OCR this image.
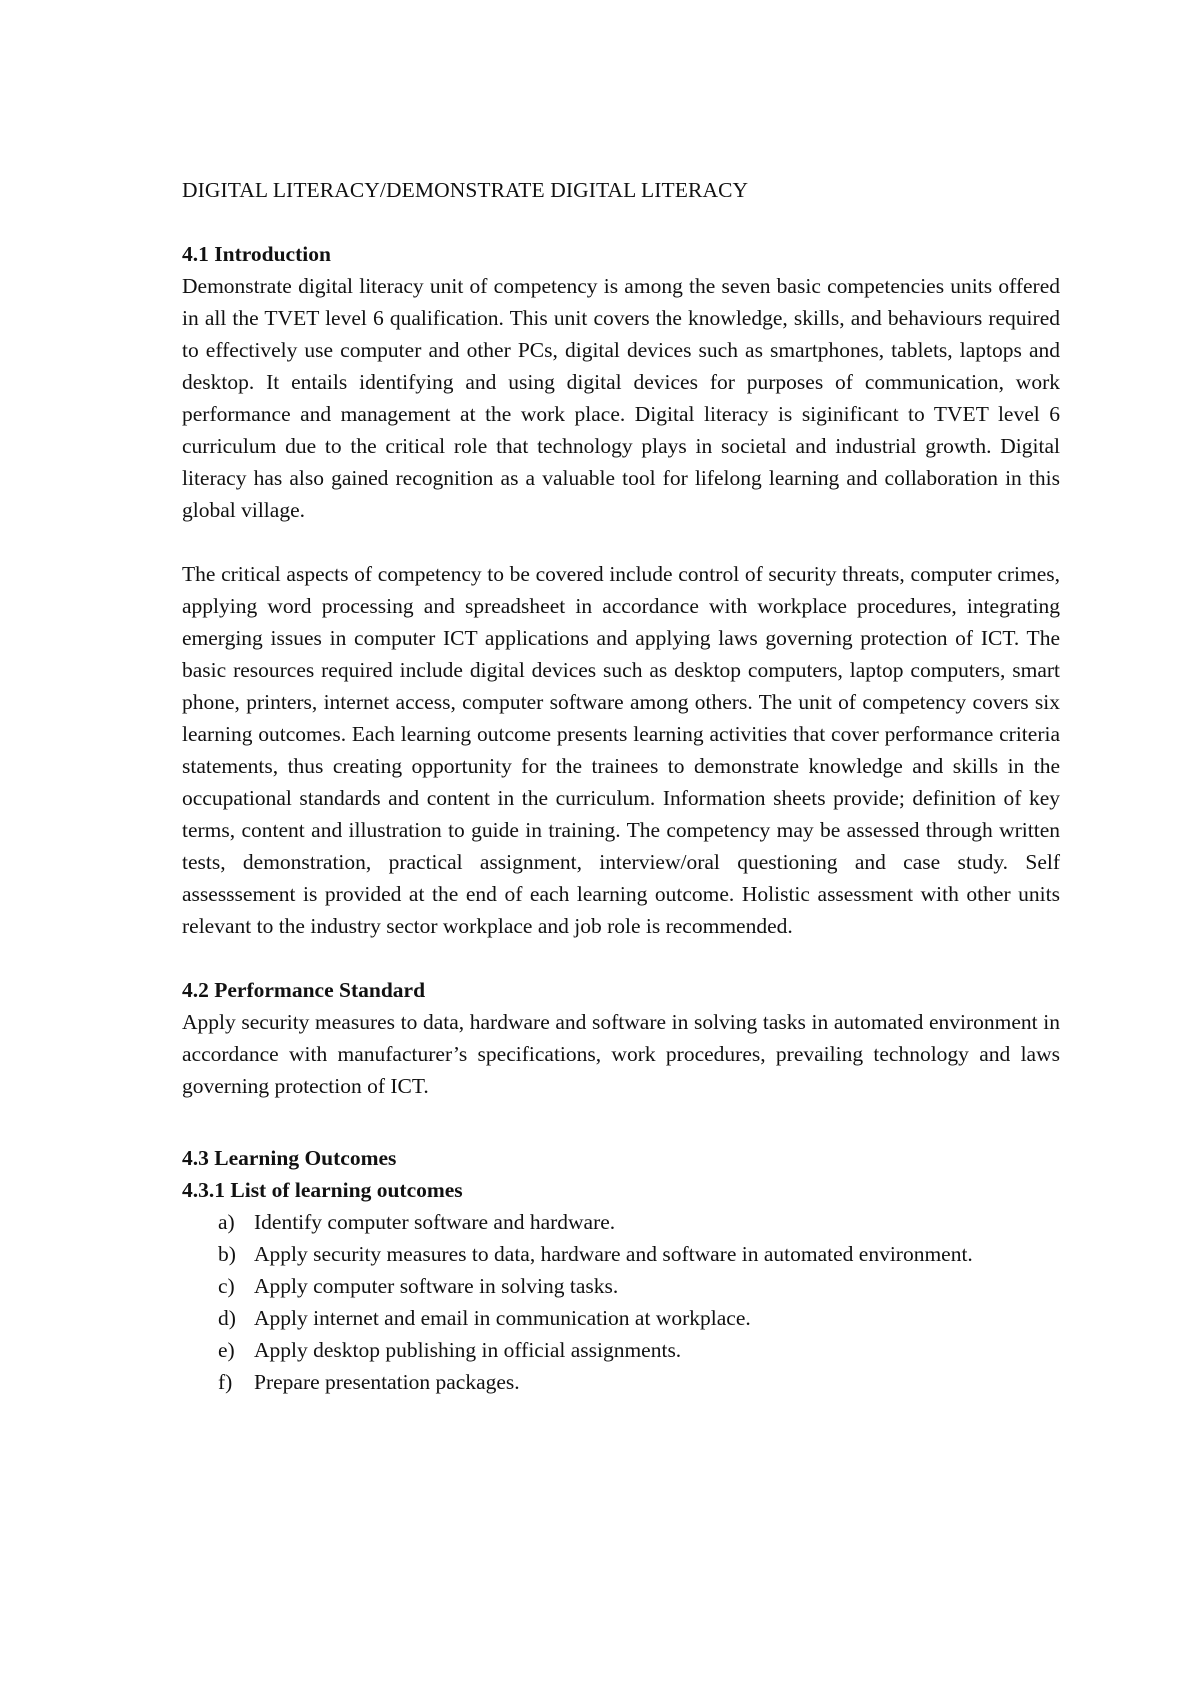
DIGITAL LITERACY/DEMONSTRATE DIGITAL LITERACY
4.1 Introduction

Demonstrate digital literacy unit of competency is among the seven basic competencies units offered in all the TVET level 6 qualification. This unit covers the knowledge, skills, and behaviours required to effectively use computer and other PCs, digital devices such as smartphones, tablets, laptops and desktop. It entails identifying and using digital devices for purposes of communication, work performance and management at the work place. Digital literacy is siginificant to TVET level 6 curriculum due to the critical role that technology plays in societal and industrial growth. Digital literacy has also gained recognition as a valuable tool for lifelong learning and collaboration in this global village.

The critical aspects of competency to be covered include control of security threats, computer crimes, applying word processing and spreadsheet in accordance with workplace procedures, integrating emerging issues in computer ICT applications and applying laws governing protection of ICT. The basic resources required include digital devices such as desktop computers, laptop computers, smart phone, printers, internet access, computer software among others. The unit of competency covers six learning outcomes. Each learning outcome presents learning activities that cover performance criteria statements, thus creating opportunity for the trainees to demonstrate knowledge and skills in the occupational standards and content in the curriculum. Information sheets provide; definition of key terms, content and illustration to guide in training. The competency may be assessed through written tests, demonstration, practical assignment, interview/oral questioning and case study. Self assesssement is provided at the end of each learning outcome. Holistic assessment with other units relevant to the industry sector workplace and job role is recommended.

4.2 Performance Standard

Apply security measures to data, hardware and software in solving tasks in automated environment in accordance with manufacturer’s specifications, work procedures, prevailing technology and laws governing protection of ICT.

4.3 Learning Outcomes
4.3.1 List of learning outcomes
a) Identify computer software and hardware.
b) Apply security measures to data, hardware and software in automated environment.
c) Apply computer software in solving tasks.
d) Apply internet and email in communication at workplace.
e) Apply desktop publishing in official assignments.
f)	Prepare presentation packages.
